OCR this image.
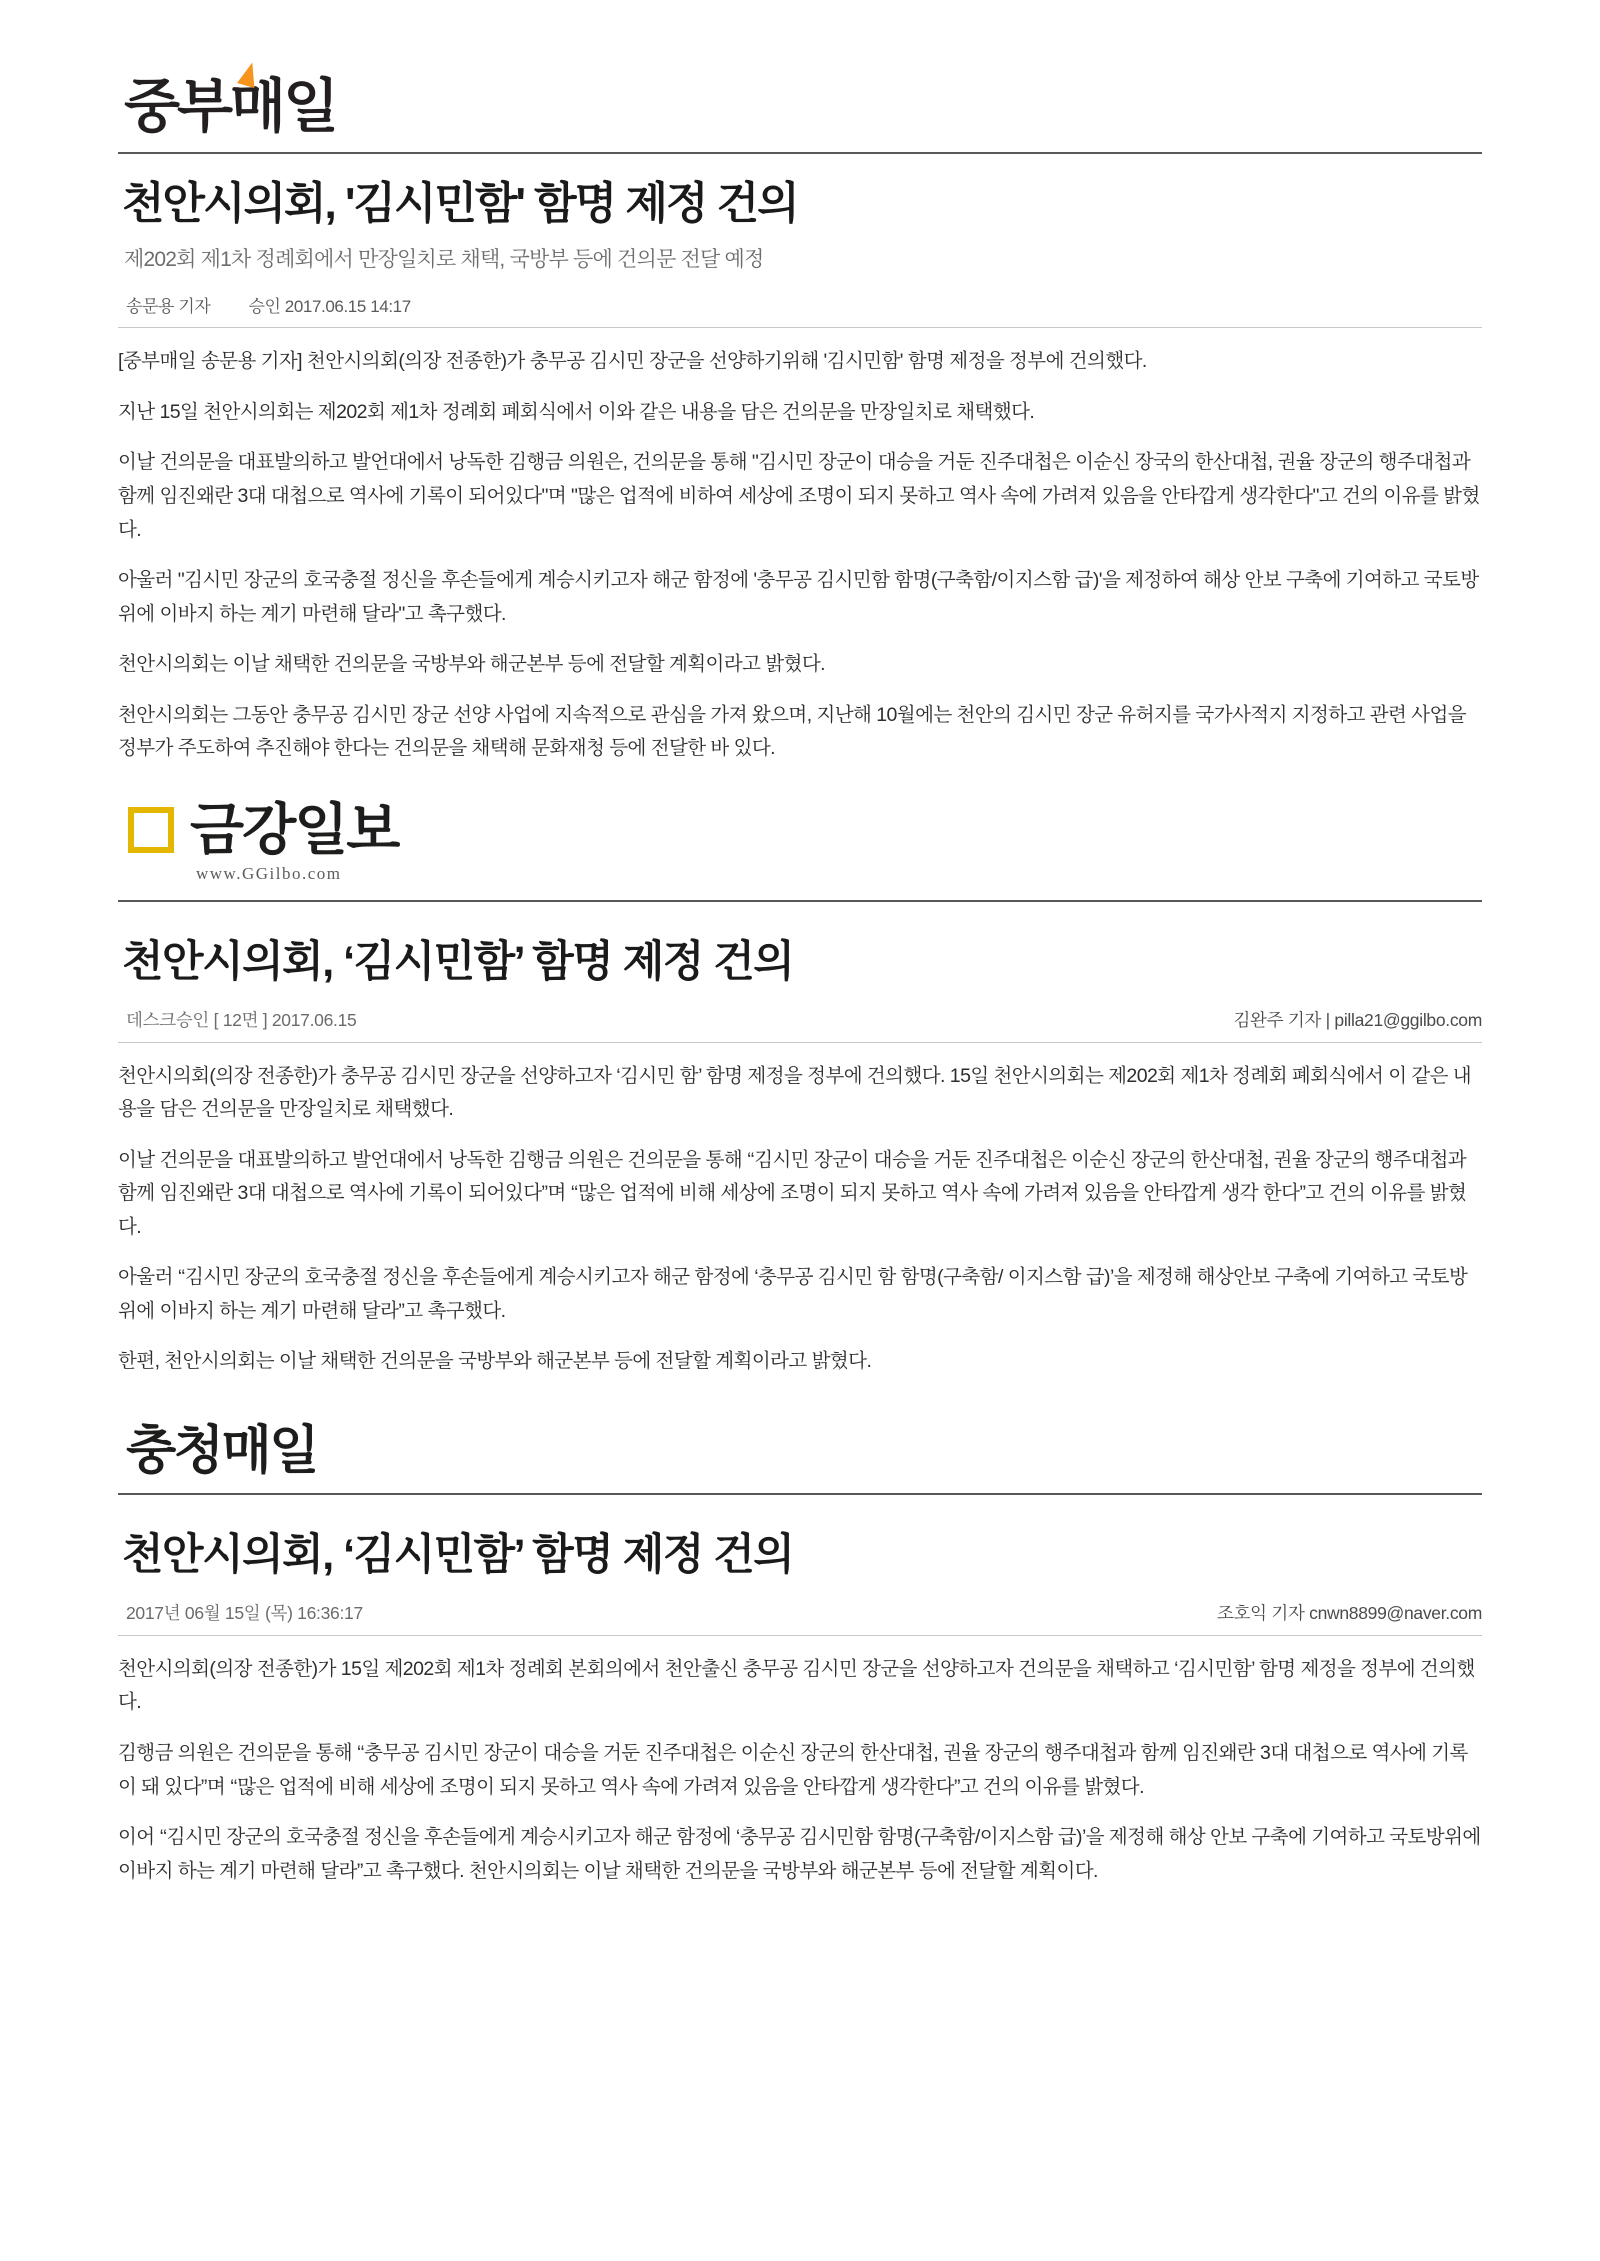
중부매일
천안시의회, '김시민함' 함명 제정 건의
제202회 제1차 정례회에서 만장일치로 채택, 국방부 등에 건의문 전달 예정
송문용 기자 승인 2017.06.15 14:17

[중부매일 송문용 기자] 천안시의회(의장 전종한)가 충무공 김시민 장군을 선양하기위해 '김시민함' 함명 제정을 정부에 건의했다.

지난 15일 천안시의회는 제202회 제1차 정례회 폐회식에서 이와 같은 내용을 담은 건의문을 만장일치로 채택했다.

이날 건의문을 대표발의하고 발언대에서 낭독한 김행금 의원은, 건의문을 통해 "김시민 장군이 대승을 거둔 진주대첩은 이순신 장국의 한산대첩, 권율 장군의 행주대첩과 함께 임진왜란 3대 대첩으로 역사에 기록이 되어있다"며 "많은 업적에 비하여 세상에 조명이 되지 못하고 역사 속에 가려져 있음을 안타깝게 생각한다"고 건의 이유를 밝혔다.

아울러 "김시민 장군의 호국충절 정신을 후손들에게 계승시키고자 해군 함정에 '충무공 김시민함 함명(구축함/이지스함 급)'을 제정하여 해상 안보 구축에 기여하고 국토방위에 이바지 하는 계기 마련해 달라"고 촉구했다.

천안시의회는 이날 채택한 건의문을 국방부와 해군본부 등에 전달할 계획이라고 밝혔다.

천안시의회는 그동안 충무공 김시민 장군 선양 사업에 지속적으로 관심을 가져 왔으며, 지난해 10월에는 천안의 김시민 장군 유허지를 국가사적지 지정하고 관련 사업을 정부가 주도하여 추진해야 한다는 건의문을 채택해 문화재청 등에 전달한 바 있다.

금강일보
www.GGilbo.com
천안시의회, ‘김시민함’ 함명 제정 건의
데스크승인 [ 12면 ] 2017.06.15	김완주 기자 | pilla21@ggilbo.com

천안시의회(의장 전종한)가 충무공 김시민 장군을 선양하고자 ‘김시민 함’ 함명 제정을 정부에 건의했다. 15일 천안시의회는 제202회 제1차 정례회 폐회식에서 이 같은 내용을 담은 건의문을 만장일치로 채택했다.

이날 건의문을 대표발의하고 발언대에서 낭독한 김행금 의원은 건의문을 통해 ‘‘김시민 장군이 대승을 거둔 진주대첩은 이순신 장군의 한산대첩, 권율 장군의 행주대첩과 함께 임진왜란 3대 대첩으로 역사에 기록이 되어있다”며 ‘‘많은 업적에 비해 세상에 조명이 되지 못하고 역사 속에 가려져 있음을 안타깝게 생각 한다”고 건의 이유를 밝혔다.

아울러 ‘‘김시민 장군의 호국충절 정신을 후손들에게 계승시키고자 해군 함정에 ‘충무공 김시민 함 함명(구축함/ 이지스함 급)’을 제정해 해상안보 구축에 기여하고 국토방위에 이바지 하는 계기 마련해 달라”고 촉구했다.

한편, 천안시의회는 이날 채택한 건의문을 국방부와 해군본부 등에 전달할 계획이라고 밝혔다.

충청매일
천안시의회, ‘김시민함’ 함명 제정 건의
2017년 06월 15일 (목) 16:36:17	조호익 기자 cnwn8899@naver.com

천안시의회(의장 전종한)가 15일 제202회 제1차 정례회 본회의에서 천안출신 충무공 김시민 장군을 선양하고자 건의문을 채택하고 ‘김시민함’ 함명 제정을 정부에 건의했다.

김행금 의원은 건의문을 통해 ‘‘충무공 김시민 장군이 대승을 거둔 진주대첩은 이순신 장군의 한산대첩, 권율 장군의 행주대첩과 함께 임진왜란 3대 대첩으로 역사에 기록이 돼 있다”며 ‘‘많은 업적에 비해 세상에 조명이 되지 못하고 역사 속에 가려져 있음을 안타깝게 생각한다”고 건의 이유를 밝혔다.

이어 ‘‘김시민 장군의 호국충절 정신을 후손들에게 계승시키고자 해군 함정에 ‘충무공 김시민함 함명(구축함/이지스함 급)’을 제정해 해상 안보 구축에 기여하고 국토방위에 이바지 하는 계기 마련해 달라”고 촉구했다. 천안시의회는 이날 채택한 건의문을 국방부와 해군본부 등에 전달할 계획이다.
